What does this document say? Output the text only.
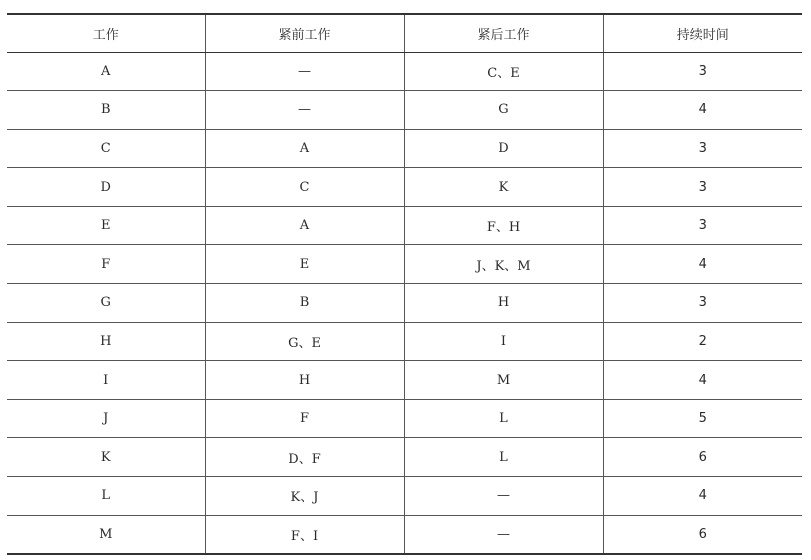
工作	紧前工作	紧后工作	持续时间
A	—	C、E	3
B	—	G	4
C	A	D	3
D	C	K	3
E	A	F、H	3
F	E	J、K、M	4
G	B	H	3
H	G、E	I	2
I	H	M	4
J	F	L	5
K	D、F	L	6
L	K、J	—	4
M	F、I	—	6
